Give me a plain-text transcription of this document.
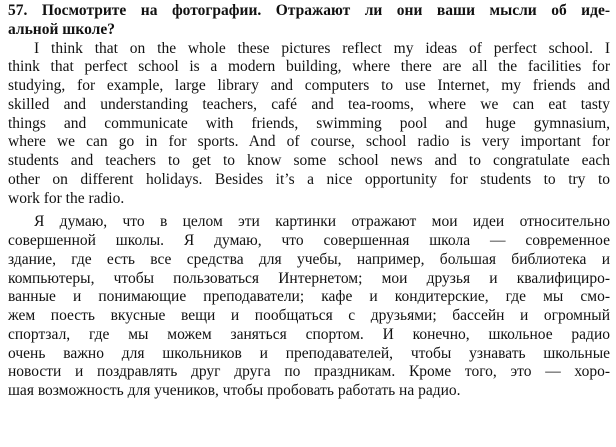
57. Посмотрите на фотографии. Отражают ли они ваши мысли об иде-
альной школе?
I think that on the whole these pictures reflect my ideas of perfect school. I
think that perfect school is a modern building, where there are all the facilities for
studying, for example, large library and computers to use Internet, my friends and
skilled and understanding teachers, café and tea-rooms, where we can eat tasty
things and communicate with friends, swimming pool and huge gymnasium,
where we can go in for sports. And of course, school radio is very important for
students and teachers to get to know some school news and to congratulate each
other on different holidays. Besides it’s a nice opportunity for students to try to
work for the radio.
Я думаю, что в целом эти картинки отражают мои идеи относительно
совершенной школы. Я думаю, что совершенная школа — современное
здание, где есть все средства для учебы, например, большая библиотека и
компьютеры, чтобы пользоваться Интернетом; мои друзья и квалифициро-
ванные и понимающие преподаватели; кафе и кондитерские, где мы смо-
жем поесть вкусные вещи и пообщаться с друзьями; бассейн и огромный
спортзал, где мы можем заняться спортом. И конечно, школьное радио
очень важно для школьников и преподавателей, чтобы узнавать школьные
новости и поздравлять друг друга по праздникам. Кроме того, это — хоро-
шая возможность для учеников, чтобы пробовать работать на радио.
